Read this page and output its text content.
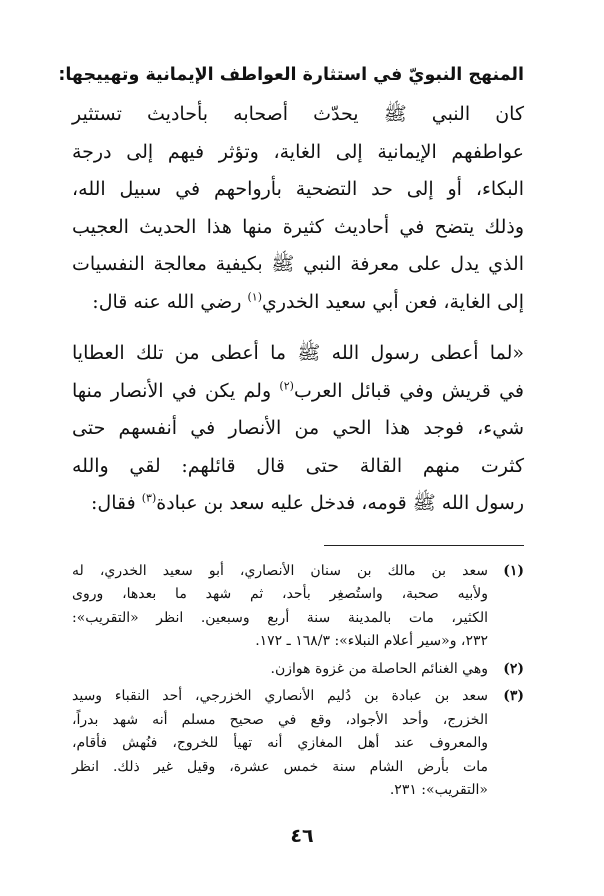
المنهج النبويّ في استثارة العواطف الإيمانية وتهييجها:

كان النبي ﷺ يحدّث أصحابه بأحاديث تستثير
عواطفهم الإيمانية إلى الغاية، وتؤثر فيهم إلى درجة
البكاء، أو إلى حد التضحية بأرواحهم في سبيل الله،
وذلك يتضح في أحاديث كثيرة منها هذا الحديث العجيب
الذي يدل على معرفة النبي ﷺ بكيفية معالجة النفسيات
إلى الغاية، فعن أبي سعيد الخدري$^{(١)}$ رضي الله عنه قال:

«لما أعطى رسول الله ﷺ ما أعطى من تلك العطايا
في قريش وفي قبائل العرب$^{(٢)}$ ولم يكن في الأنصار منها
شيء، فوجد هذا الحي من الأنصار في أنفسهم حتى
كثرت منهم القالة حتى قال قائلهم: لقي والله
رسول الله ﷺ قومه، فدخل عليه سعد بن عبادة$^{(٣)}$ فقال:

(١)
سعد بن مالك بن سنان الأنصاري، أبو سعيد الخدري، له
ولأبيه صحبة، واستُصغِر بأحد، ثم شهد ما بعدها، وروى
الكثير، مات بالمدينة سنة أربع وسبعين. انظر «التقريب»:
٢٣٢، و«سير أعلام النبلاء»: ١٦٨/٣ ـ ١٧٢.
(٢)
وهي الغنائم الحاصلة من غزوة هوازن.
(٣)
سعد بن عبادة بن دُليم الأنصاري الخزرجي، أحد النقباء وسيد
الخزرج، وأحد الأجواد، وقع في صحيح مسلم أنه شهد بدراً،
والمعروف عند أهل المغازي أنه تهيأ للخروج، فنُهش فأقام،
مات بأرض الشام سنة خمس عشرة، وقيل غير ذلك. انظر
«التقريب»: ٢٣١.
٤٦
